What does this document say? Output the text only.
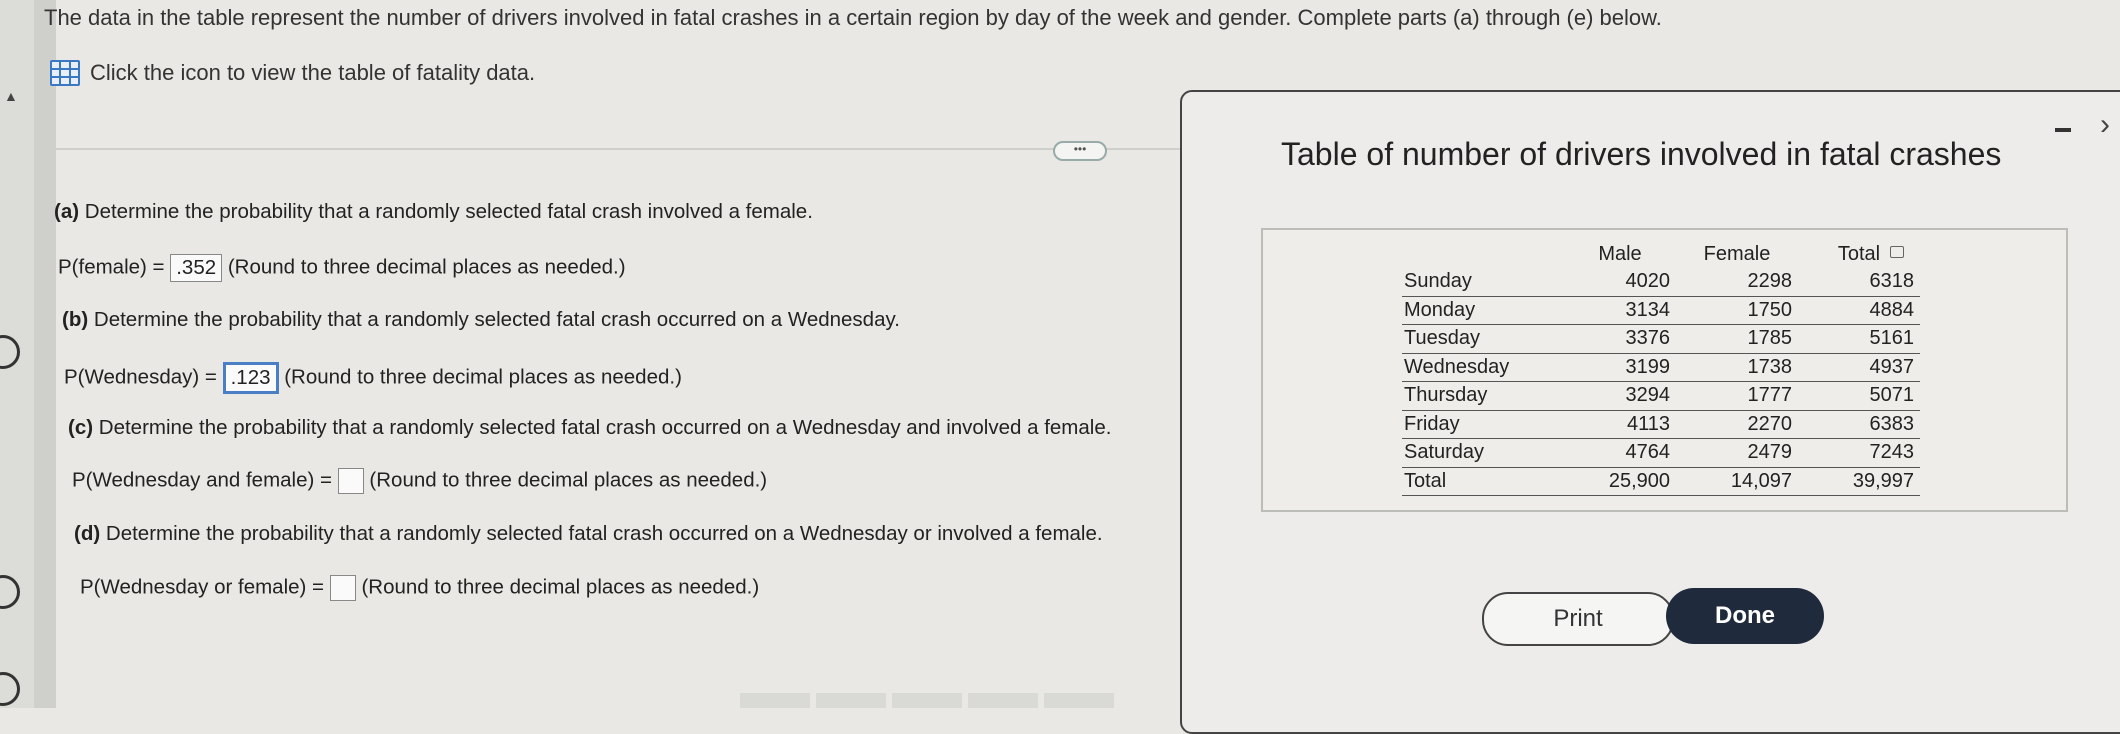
▲
The data in the table represent the number of drivers involved in fatal crashes in a certain region by day of the week and gender. Complete parts (a) through (e) below.
Click the icon to view the table of fatality data.
•••
(a) Determine the probability that a randomly selected fatal crash involved a female.
P(female) = .352 (Round to three decimal places as needed.)
(b) Determine the probability that a randomly selected fatal crash occurred on a Wednesday.
P(Wednesday) = .123 (Round to three decimal places as needed.)
(c) Determine the probability that a randomly selected fatal crash occurred on a Wednesday and involved a female.
P(Wednesday and female) = (Round to three decimal places as needed.)
(d) Determine the probability that a randomly selected fatal crash occurred on a Wednesday or involved a female.
P(Wednesday or female) = (Round to three decimal places as needed.)
Table of number of drivers involved in fatal crashes
›
	Male	Female	Total
Sunday	4020	2298	6318
Monday	3134	1750	4884
Tuesday	3376	1785	5161
Wednesday	3199	1738	4937
Thursday	3294	1777	5071
Friday	4113	2270	6383
Saturday	4764	2479	7243
Total	25,900	14,097	39,997
Print	Done
